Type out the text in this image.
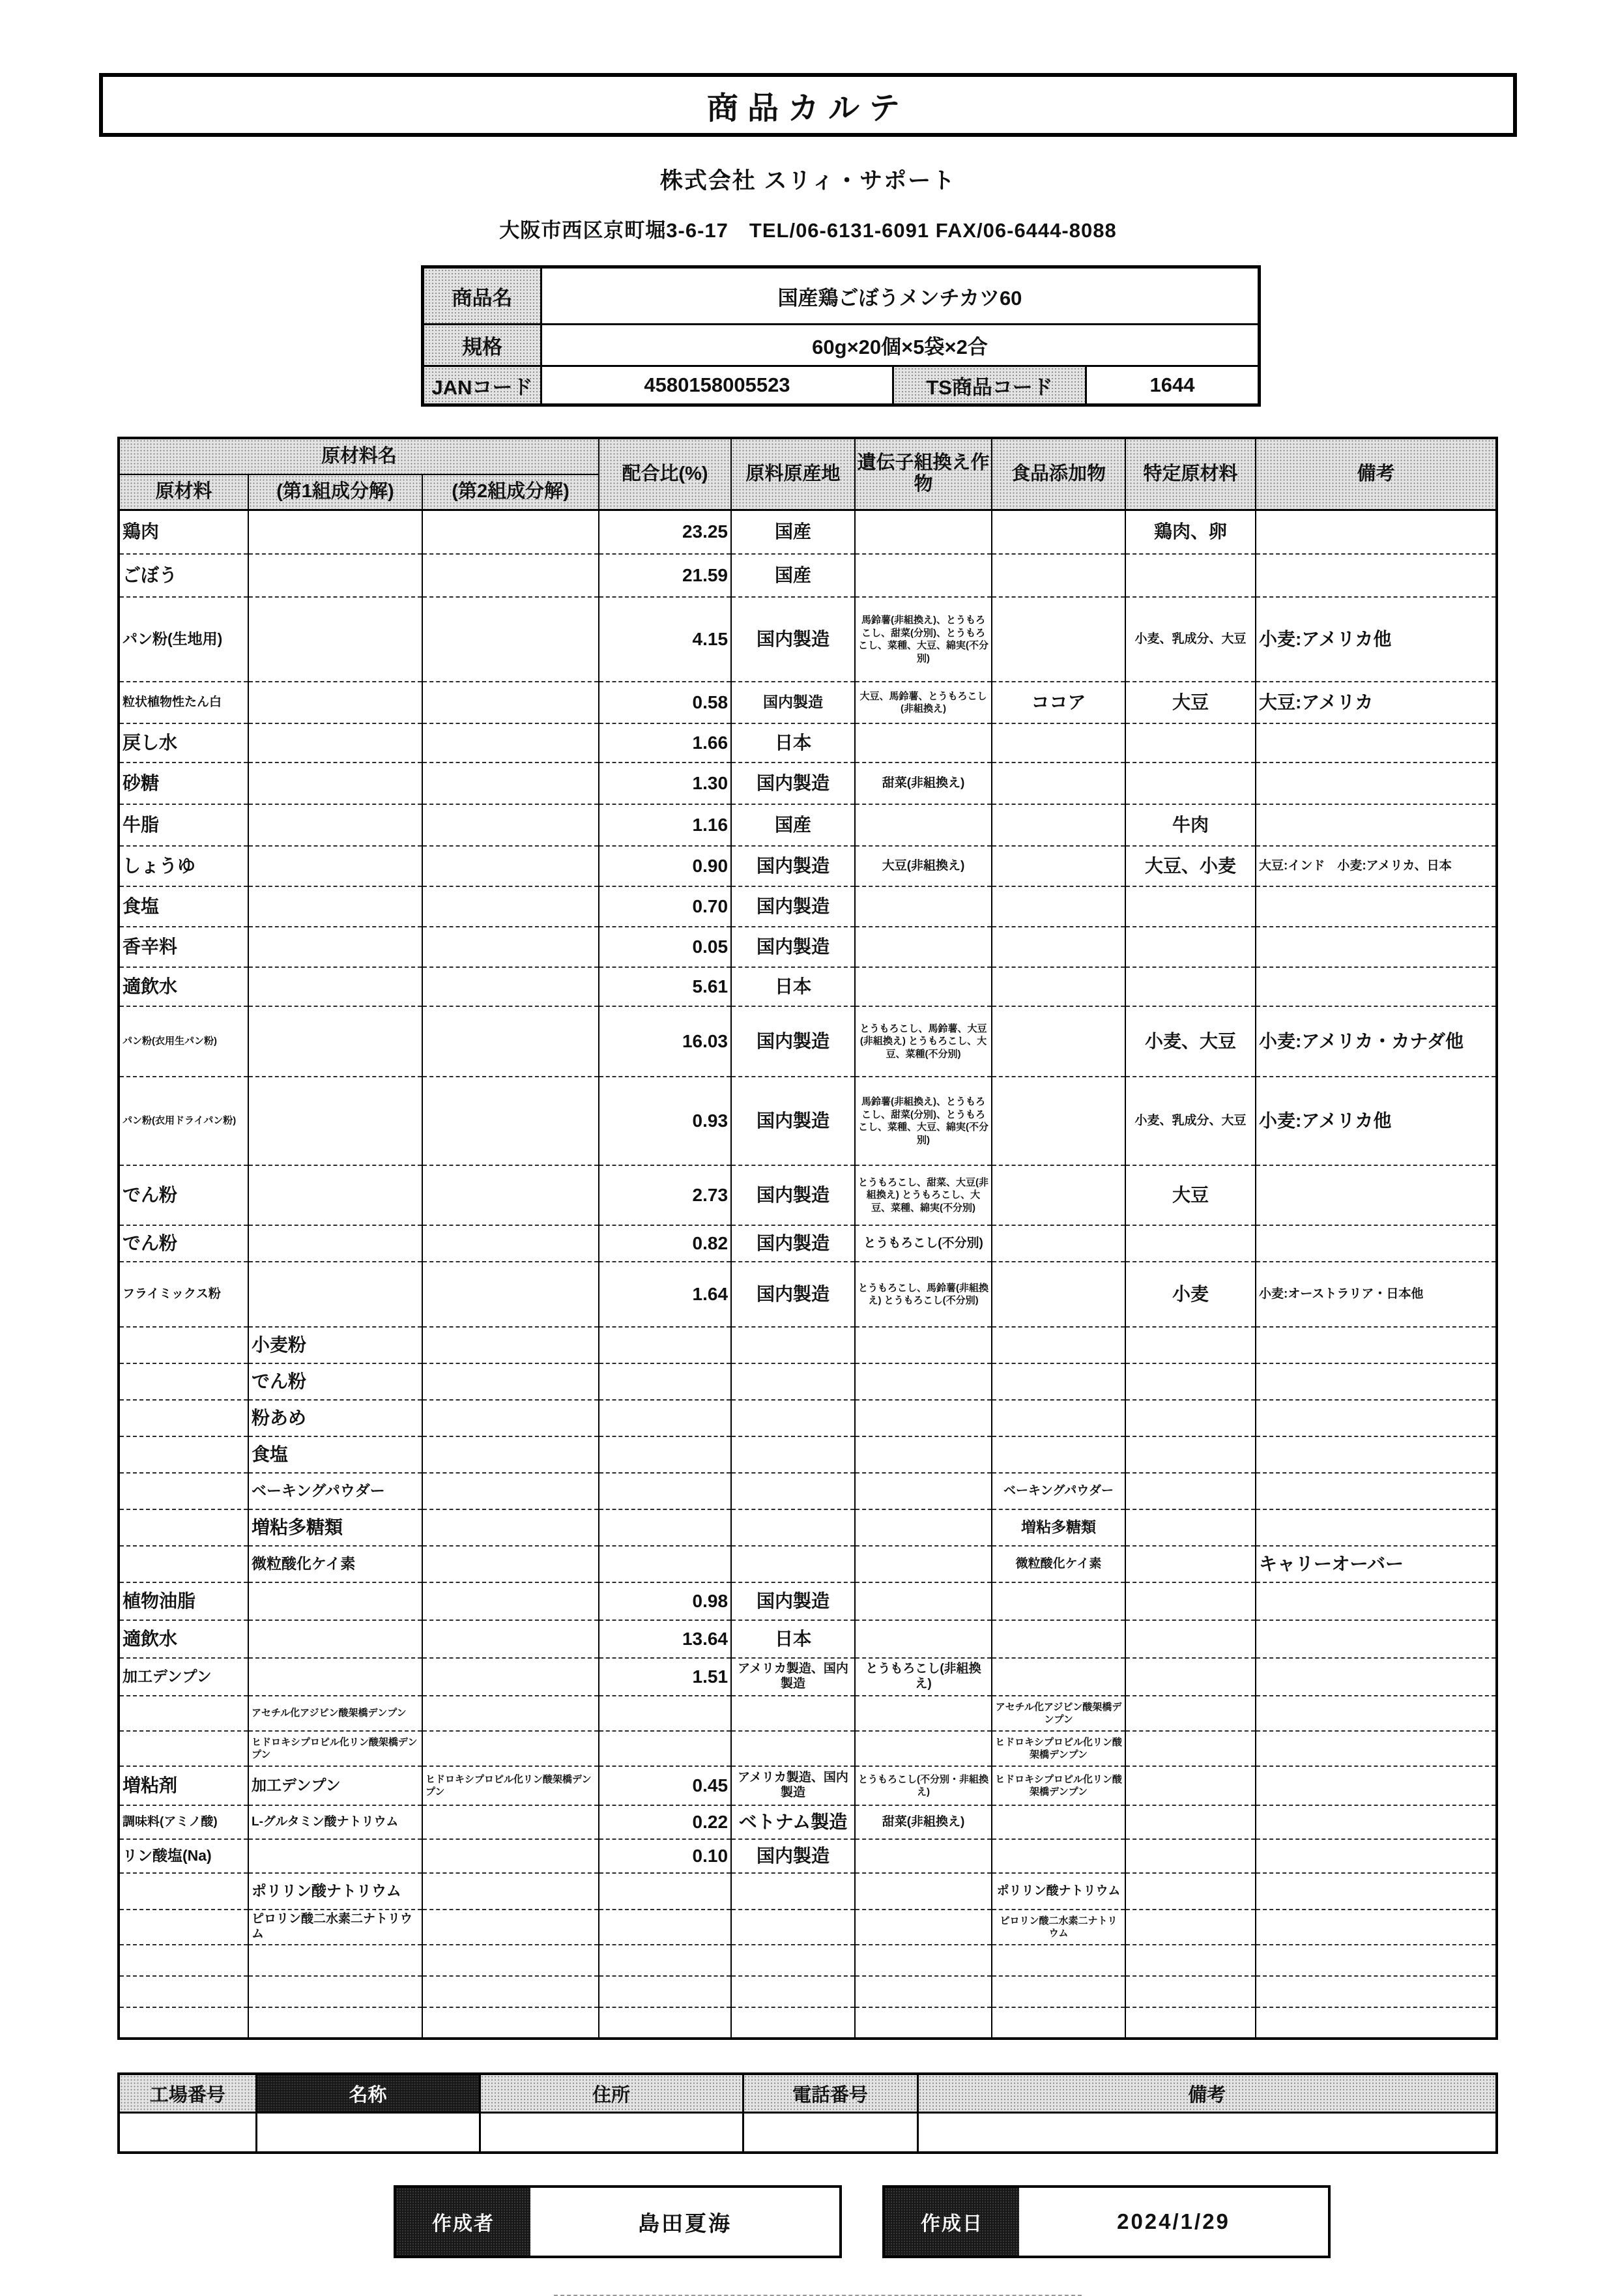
商品カルテ
株式会社 スリィ・サポート
大阪市西区京町堀3-6-17　TEL/06-6131-6091 FAX/06-6444-8088
商品名	国産鶏ごぼうメンチカツ60		
規格	60g×20個×5袋×2合		
JANコード	4580158005523	TS商品コード	1644
原材料名			配合比(%)	原料原産地	遺伝子組換え作物	食品添加物	特定原材料	備考
原材料	(第1組成分解)	(第2組成分解)						
鶏肉			23.25	国産			鶏肉、卵	
ごぼう			21.59	国産				
パン粉(生地用)			4.15	国内製造	馬鈴薯(非組換え)、とうもろこし、甜菜(分別)、とうもろこし、菜種、大豆、綿実(不分別)		小麦、乳成分、大豆	小麦:アメリカ他
粒状植物性たん白			0.58	国内製造	大豆、馬鈴薯、とうもろこし(非組換え)	ココア	大豆	大豆:アメリカ
戻し水			1.66	日本				
砂糖			1.30	国内製造	甜菜(非組換え)			
牛脂			1.16	国産			牛肉	
しょうゆ			0.90	国内製造	大豆(非組換え)		大豆、小麦	大豆:インド　小麦:アメリカ、日本
食塩			0.70	国内製造				
香辛料			0.05	国内製造				
適飲水			5.61	日本				
パン粉(衣用生パン粉)			16.03	国内製造	とうもろこし、馬鈴薯、大豆(非組換え) とうもろこし、大豆、菜種(不分別)		小麦、大豆	小麦:アメリカ・カナダ他
パン粉(衣用ドライパン粉)			0.93	国内製造	馬鈴薯(非組換え)、とうもろこし、甜菜(分別)、とうもろこし、菜種、大豆、綿実(不分別)		小麦、乳成分、大豆	小麦:アメリカ他
でん粉			2.73	国内製造	とうもろこし、甜菜、大豆(非組換え) とうもろこし、大豆、菜種、綿実(不分別)		大豆	
でん粉			0.82	国内製造	とうもろこし(不分別)			
フライミックス粉			1.64	国内製造	とうもろこし、馬鈴薯(非組換え) とうもろこし(不分別)		小麦	小麦:オーストラリア・日本他
	小麦粉							
	でん粉							
	粉あめ							
	食塩							
	ベーキングパウダー					ベーキングパウダー		
	増粘多糖類					増粘多糖類		
	微粒酸化ケイ素					微粒酸化ケイ素		キャリーオーバー
植物油脂			0.98	国内製造				
適飲水			13.64	日本				
加工デンプン			1.51	アメリカ製造、国内製造	とうもろこし(非組換え)			
	アセチル化アジピン酸架橋デンプン					アセチル化アジピン酸架橋デンプン		
	ヒドロキシプロピル化リン酸架橋デンプン					ヒドロキシプロピル化リン酸架橋デンプン		
増粘剤	加工デンプン	ヒドロキシプロピル化リン酸架橋デンプン	0.45	アメリカ製造、国内製造	とうもろこし(不分別・非組換え)	ヒドロキシプロピル化リン酸架橋デンプン		
調味料(アミノ酸)	L-グルタミン酸ナトリウム		0.22	ベトナム製造	甜菜(非組換え)			
リン酸塩(Na)			0.10	国内製造				
	ポリリン酸ナトリウム					ポリリン酸ナトリウム		
	ピロリン酸二水素二ナトリウム					ピロリン酸二水素二ナトリウム		

工場番号	名称	住所	電話番号	備考

作成者	島田夏海	作成日	2024/1/29
